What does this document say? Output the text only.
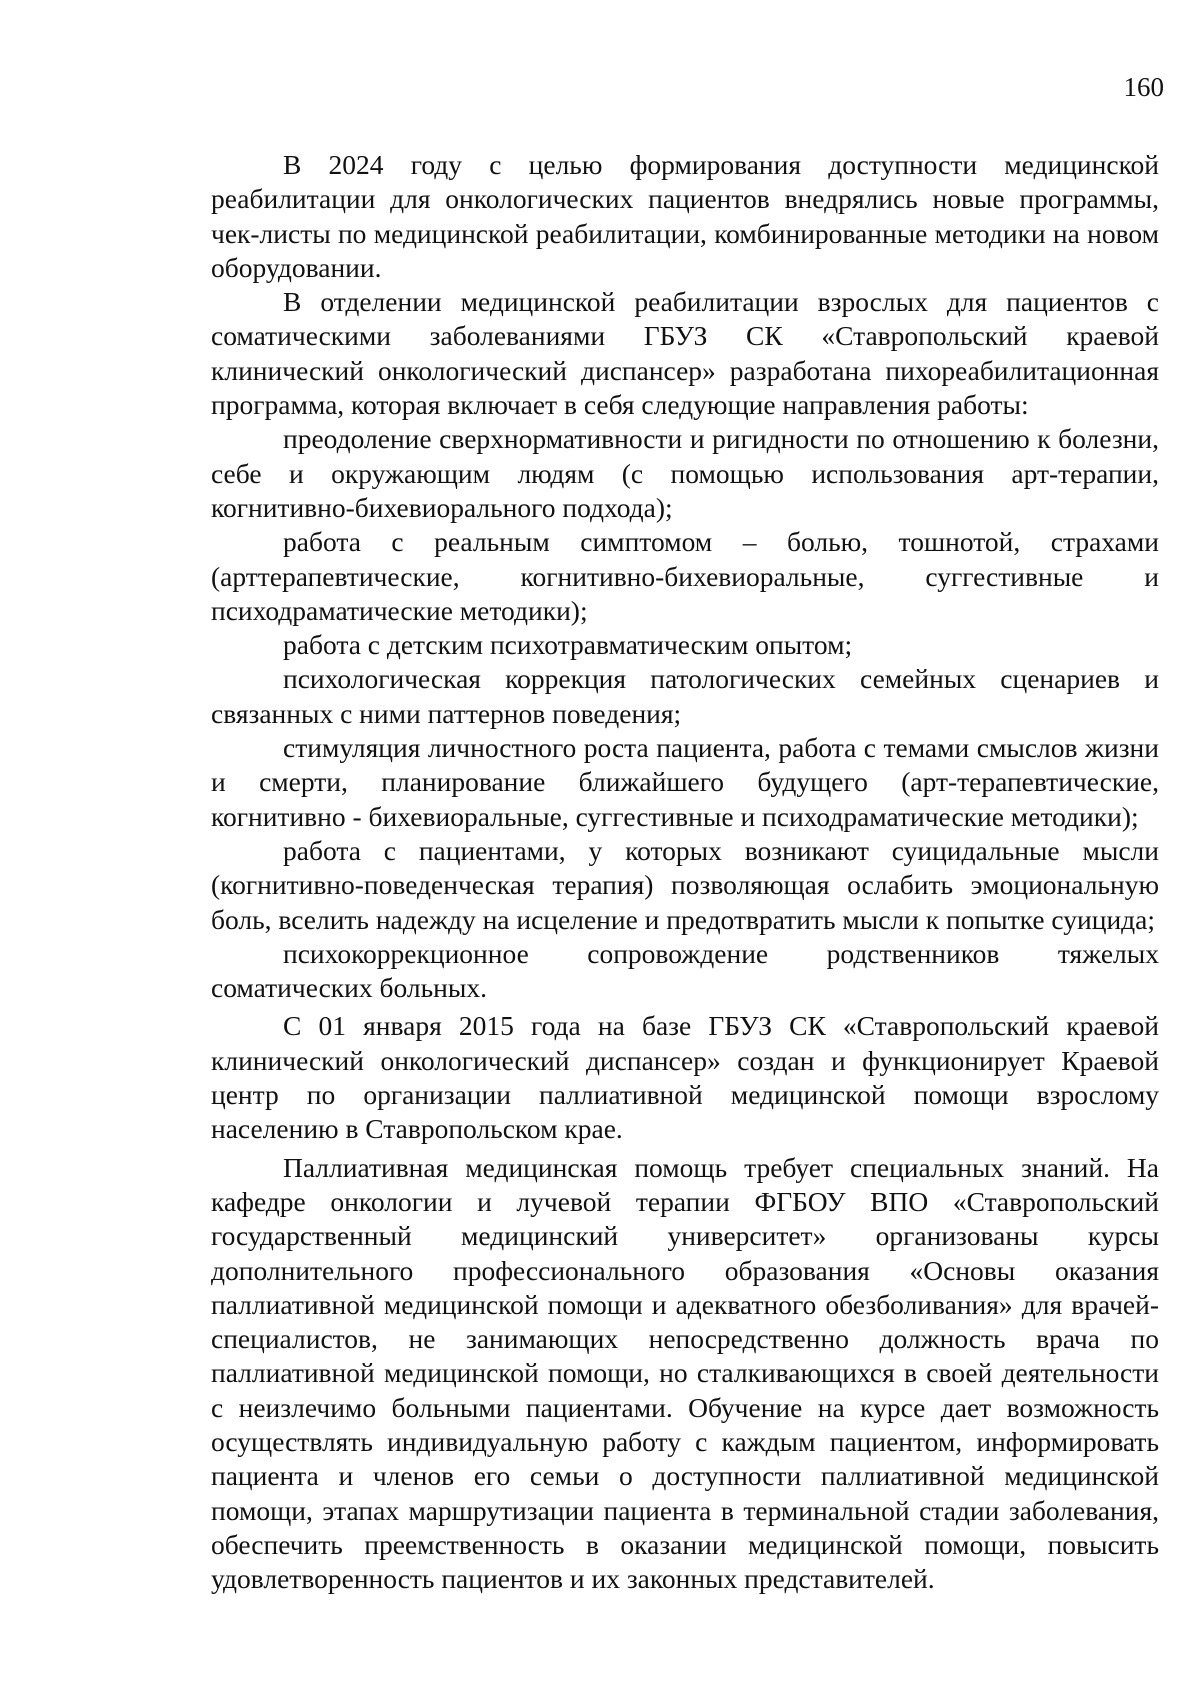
160

В 2024 году с целью формирования доступности медицинской реабилитации для онкологических пациентов внедрялись новые программы, чек-листы по медицинской реабилитации, комбинированные методики на новом оборудовании.

В отделении медицинской реабилитации взрослых для пациентов с соматическими заболеваниями ГБУЗ СК «Ставропольский краевой клинический онкологический диспансер» разработана пихореабилитационная программа, которая включает в себя следующие направления работы:

преодоление сверхнормативности и ригидности по отношению к болезни, себе и окружающим людям (с помощью использования арт-терапии, когнитивно-бихевиорального подхода);

работа с реальным симптомом – болью, тошнотой, страхами (арттерапевтические, когнитивно-бихевиоральные, суггестивные и психодраматические методики);

работа с детским психотравматическим опытом;

психологическая коррекция патологических семейных сценариев и связанных с ними паттернов поведения;

стимуляция личностного роста пациента, работа с темами смыслов жизни и смерти, планирование ближайшего будущего (арт-терапевтические, когнитивно - бихевиоральные, суггестивные и психодраматические методики);

работа с пациентами, у которых возникают суицидальные мысли (когнитивно-поведенческая терапия) позволяющая ослабить эмоциональную боль, вселить надежду на исцеление и предотвратить мысли к попытке суицида;

психокоррекционное сопровождение родственников тяжелых соматических больных.

С 01 января 2015 года на базе ГБУЗ СК «Ставропольский краевой клинический онкологический диспансер» создан и функционирует Краевой центр по организации паллиативной медицинской помощи взрослому населению в Ставропольском крае.

Паллиативная медицинская помощь требует специальных знаний. На кафедре онкологии и лучевой терапии ФГБОУ ВПО «Ставропольский государственный медицинский университет» организованы курсы дополнительного профессионального образования «Основы оказания паллиативной медицинской помощи и адекватного обезболивания» для врачей-специалистов, не занимающих непосредственно должность врача по паллиативной медицинской помощи, но сталкивающихся в своей деятельности с неизлечимо больными пациентами. Обучение на курсе дает возможность осуществлять индивидуальную работу с каждым пациентом, информировать пациента и членов его семьи о доступности паллиативной медицинской помощи, этапах маршрутизации пациента в терминальной стадии заболевания, обеспечить преемственность в оказании медицинской помощи, повысить удовлетворенность пациентов и их законных представителей.
